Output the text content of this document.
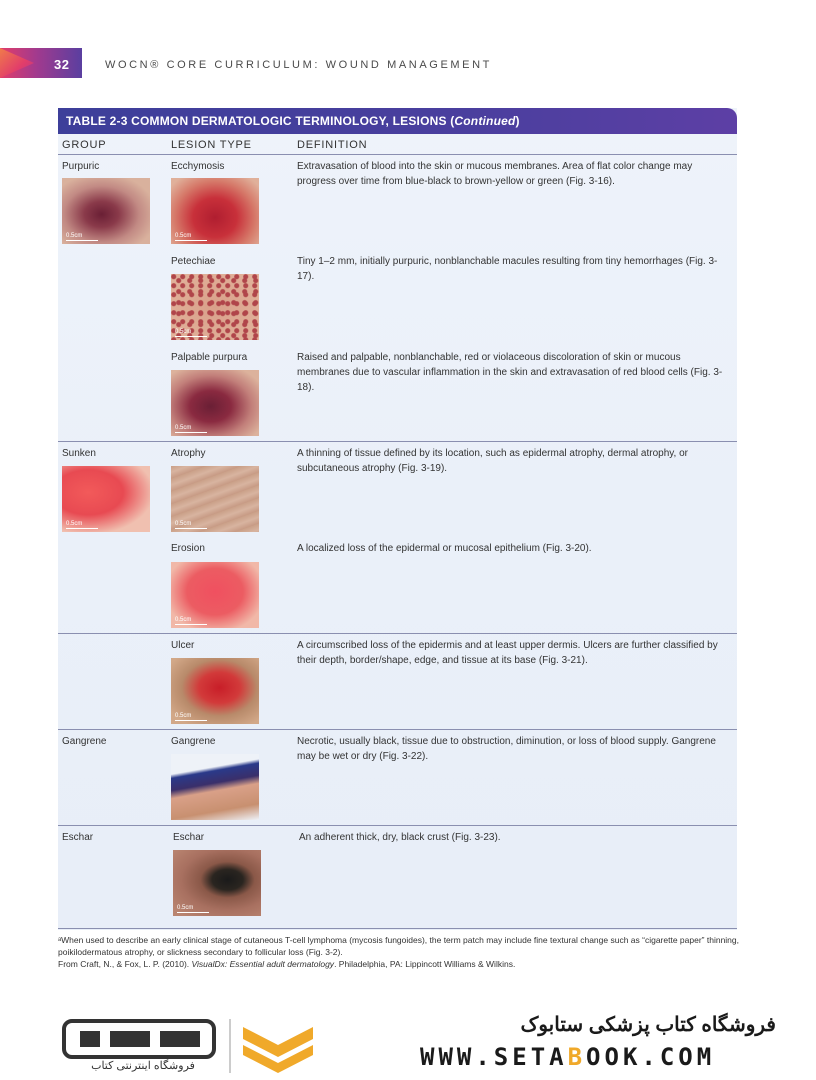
32	WOCN® CORE CURRICULUM: WOUND MANAGEMENT
TABLE 2-3 COMMON DERMATOLOGIC TERMINOLOGY, LESIONS (Continued)
GROUP	LESION TYPE	DEFINITION
Purpuric	Ecchymosis	Extravasation of blood into the skin or mucous membranes. Area of flat color change may progress over time from blue-black to brown-yellow or green (Fig. 3-16).
0.5cm	0.5cm
Petechiae	Tiny 1–2 mm, initially purpuric, nonblanchable macules resulting from tiny hemorrhages (Fig. 3-17).
0.5cm
Palpable purpura	Raised and palpable, nonblanchable, red or violaceous discoloration of skin or mucous membranes due to vascular inflammation in the skin and extravasation of red blood cells (Fig. 3-18).
0.5cm
Sunken	Atrophy	A thinning of tissue defined by its location, such as epidermal atrophy, dermal atrophy, or subcutaneous atrophy (Fig. 3-19).
0.5cm	0.5cm
Erosion	A localized loss of the epidermal or mucosal epithelium (Fig. 3-20).
0.5cm
Ulcer	A circumscribed loss of the epidermis and at least upper dermis. Ulcers are further classified by their depth, border/shape, edge, and tissue at its base (Fig. 3-21).
0.5cm
Gangrene	Gangrene	Necrotic, usually black, tissue due to obstruction, diminution, or loss of blood supply. Gangrene may be wet or dry (Fig. 3-22).
Eschar	Eschar	An adherent thick, dry, black crust (Fig. 3-23).
0.5cm
ᵃWhen used to describe an early clinical stage of cutaneous T-cell lymphoma (mycosis fungoides), the term patch may include fine textural change such as “cigarette paper” thinning, poikilodermatous atrophy, or slickness secondary to follicular loss (Fig. 3-2).
From Craft, N., & Fox, L. P. (2010). VisualDx: Essential adult dermatology. Philadelphia, PA: Lippincott Williams & Wilkins.
فروشگاه اینترنتی کتاب
فروشگاه کتاب پزشکی ستابوک
WWW.SETABOOK.COM
